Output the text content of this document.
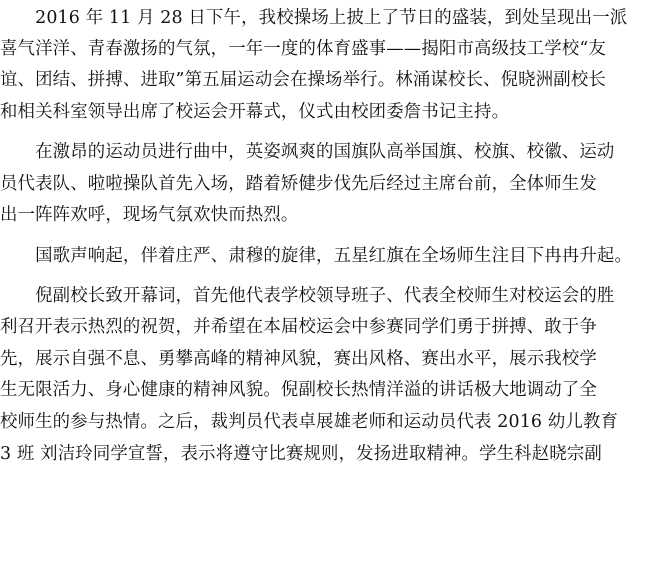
　　2016 年 11 月 28 日下午，我校操场上披上了节日的盛装，到处呈现出一派
喜气洋洋、青春激扬的气氛，一年一度的体育盛事——揭阳市高级技工学校“友
谊、团结、拼搏、进取”第五届运动会在操场举行。林涌谋校长、倪晓洲副校长
和相关科室领导出席了校运会开幕式，仪式由校团委詹书记主持。
　　在激昂的运动员进行曲中，英姿飒爽的国旗队高举国旗、校旗、校徽、运动
员代表队、啦啦操队首先入场，踏着矫健步伐先后经过主席台前，全体师生发
出一阵阵欢呼，现场气氛欢快而热烈。
　　国歌声响起，伴着庄严、肃穆的旋律，五星红旗在全场师生注目下冉冉升起。
　　倪副校长致开幕词，首先他代表学校领导班子、代表全校师生对校运会的胜
利召开表示热烈的祝贺，并希望在本届校运会中参赛同学们勇于拼搏、敢于争
先，展示自强不息、勇攀高峰的精神风貌，赛出风格、赛出水平，展示我校学
生无限活力、身心健康的精神风貌。倪副校长热情洋溢的讲话极大地调动了全
校师生的参与热情。之后，裁判员代表卓展雄老师和运动员代表 2016 幼儿教育
3 班 刘洁玲同学宣誓，表示将遵守比赛规则，发扬进取精神。学生科赵晓宗副
